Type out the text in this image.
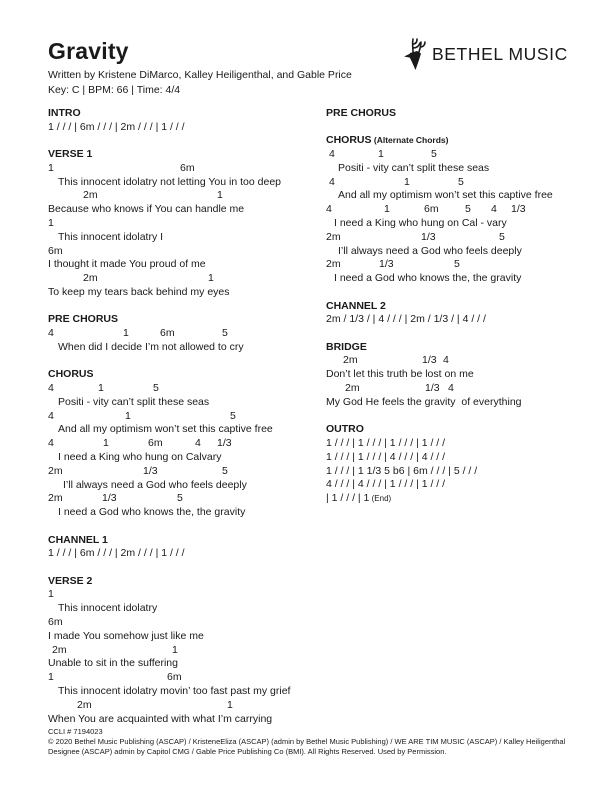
Gravity
Written by Kristene DiMarco, Kalley Heiligenthal, and Gable Price
Key: C | BPM: 66 | Time: 4/4
BETHEL MUSIC
INTRO
1 / / / | 6m / / / | 2m / / / | 1 / / /
VERSE 1
1	6m
This innocent idolatry not letting You in too deep
2m	1
Because who knows if You can handle me
1
This innocent idolatry I
6m
I thought it made You proud of me
2m	1
To keep my tears back behind my eyes
PRE CHORUS
4	1	6m	5
When did I decide I’m not allowed to cry
CHORUS
4	1	5
Positi - vity can’t split these seas
4	1	5
And all my optimism won’t set this captive free
4	1	6m	4 1/3
I need a King who hung on Calvary
2m	1/3	5
I’ll always need a God who feels deeply
2m	1/3	5
I need a God who knows the, the gravity
CHANNEL 1
1 / / / | 6m / / / | 2m / / / | 1 / / /
VERSE 2
1
This innocent idolatry
6m
I made You somehow just like me
2m	1
Unable to sit in the suffering
1	6m
This innocent idolatry movin’ too fast past my grief
2m	1
When You are acquainted with what I’m carrying
PRE CHORUS
CHORUS (Alternate Chords)
4	1	5
Positi - vity can’t split these seas
4	1	5
And all my optimism won’t set this captive free
4	1	6m	5 4 1/3
I need a King who hung on Cal - vary
2m	1/3	5
I’ll always need a God who feels deeply
2m	1/3	5
I need a God who knows the, the gravity
CHANNEL 2
2m / 1/3 / | 4 / / / | 2m / 1/3 / | 4 / / /
BRIDGE
2m	1/3 4
Don’t let this truth be lost on me
2m	1/3 4
My God He feels the gravity  of everything
OUTRO
1 / / / | 1 / / / | 1 / / / | 1 / / /
1 / / / | 1 / / / | 4 / / / | 4 / / /
1 / / / | 1 1/3 5 b6 | 6m / / / | 5 / / /
4 / / / | 4 / / / | 1 / / / | 1 / / /
| 1 / / / | 1 (End)
CCLI # 7194023
© 2020 Bethel Music Publishing (ASCAP) / KristeneEliza (ASCAP) (admin by Bethel Music Publishing) / WE ARE TIM MUSIC (ASCAP) / Kalley Heiligenthal Designee (ASCAP) admin by Capitol CMG / Gable Price Publishing Co (BMI). All Rights Reserved. Used by Permission.
